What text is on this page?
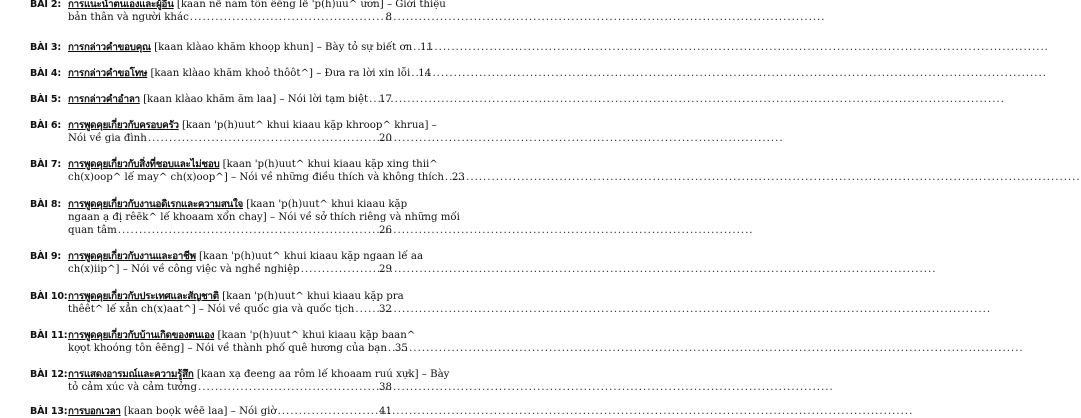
BÀI 2: การแนะนำตนเองและผู้อื่น [kaan nế năm tôn êēng lế 'p(h)uu^ ươn] – Giới thiệu
bản thân và người khác .....	8
BÀI 3: การกล่าวคำขอบคุณ [kaan klàao khăm khoọp khun] – Bày tỏ sự biết ơn ..... 11
BÀI 4: การกล่าวคำขอโทษ [kaan klàao khăm khoỏ thôôt^] – Đưa ra lời xin lỗi ..... 14
BÀI 5: การกล่าวคำอำลา [kaan klàao khăm ăm laa] – Nói lời tạm biệt ..... 17
BÀI 6: การพูดคุยเกี่ยวกับครอบครัว [kaan 'p(h)uut^ khui kiaau kặp khroop^ khrua] –
Nói về gia đình .....	20
BÀI 7: การพูดคุยเกี่ยวกับสิ่งที่ชอบและไม่ชอบ [kaan 'p(h)uut^ khui kiaau kặp xing thii^
ch(x)oop^ lế may^ ch(x)oop^] – Nói về những điều thích và không thích ..... 23
BÀI 8: การพูดคุยเกี่ยวกับงานอดิเรกและความสนใจ [kaan 'p(h)uut^ khui kiaau kặp
ngaan ạ đị rêēk^ lế khoaam xổn chay] – Nói về sở thích riêng và những mối
quan tâm .....	26
BÀI 9: การพูดคุยเกี่ยวกับงานและอาชีพ [kaan 'p(h)uut^ khui kiaau kặp ngaan lế aa
ch(x)iip^] – Nói về công việc và nghề nghiệp .....	29
BÀI 10: การพูดคุยเกี่ยวกับประเทศและสัญชาติ [kaan 'p(h)uut^ khui kiaau kặp pra
thêêt^ lế xẳn ch(x)aat^] – Nói về quốc gia và quốc tịch ..... 32
BÀI 11: การพูดคุยเกี่ยวกับบ้านเกิดของตนเอง [kaan 'p(h)uut^ khui kiaau kặp baan^
kợọt khoóng tôn êēng] – Nói về thành phố quê hương của bạn ..... 35
BÀI 12: การแสดงอารมณ์และความรู้สึก [kaan xạ đeeng aa rôm lế khoaam ruú xựk] – Bày
tỏ cảm xúc và cảm tưởng .....	38
BÀI 13: การบอกเวลา [kaan boọk wêē laa] – Nói giờ .....	41
